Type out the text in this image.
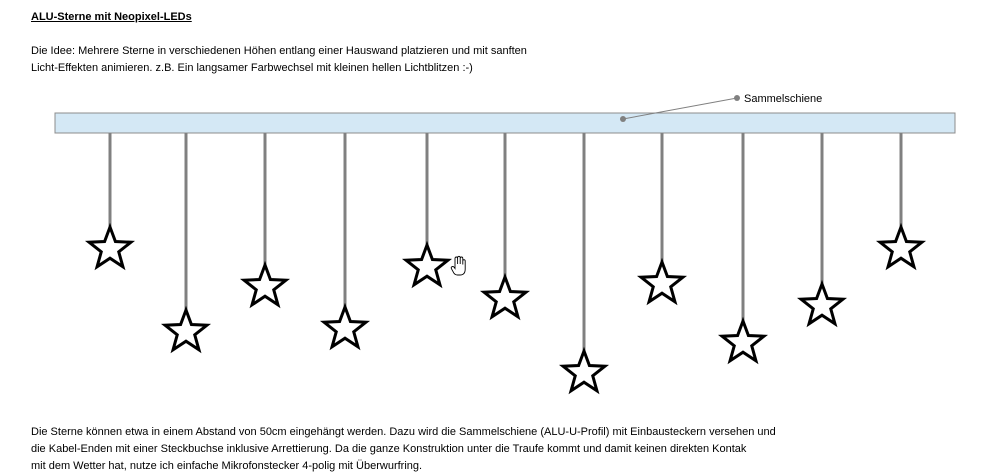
ALU-Sterne mit Neopixel-LEDs
Die Idee: Mehrere Sterne in verschiedenen Höhen entlang einer Hauswand platzieren und mit sanften
Licht-Effekten animieren. z.B. Ein langsamer Farbwechsel mit kleinen hellen Lichtblitzen :-)
Sammelschiene
Die Sterne können etwa in einem Abstand von 50cm eingehängt werden. Dazu wird die Sammelschiene (ALU-U-Profil) mit Einbausteckern versehen und
die Kabel-Enden mit einer Steckbuchse inklusive Arrettierung. Da die ganze Konstruktion unter die Traufe kommt und damit keinen direkten Kontak
mit dem Wetter hat, nutze ich einfache Mikrofonstecker 4-polig mit Überwurfring.
